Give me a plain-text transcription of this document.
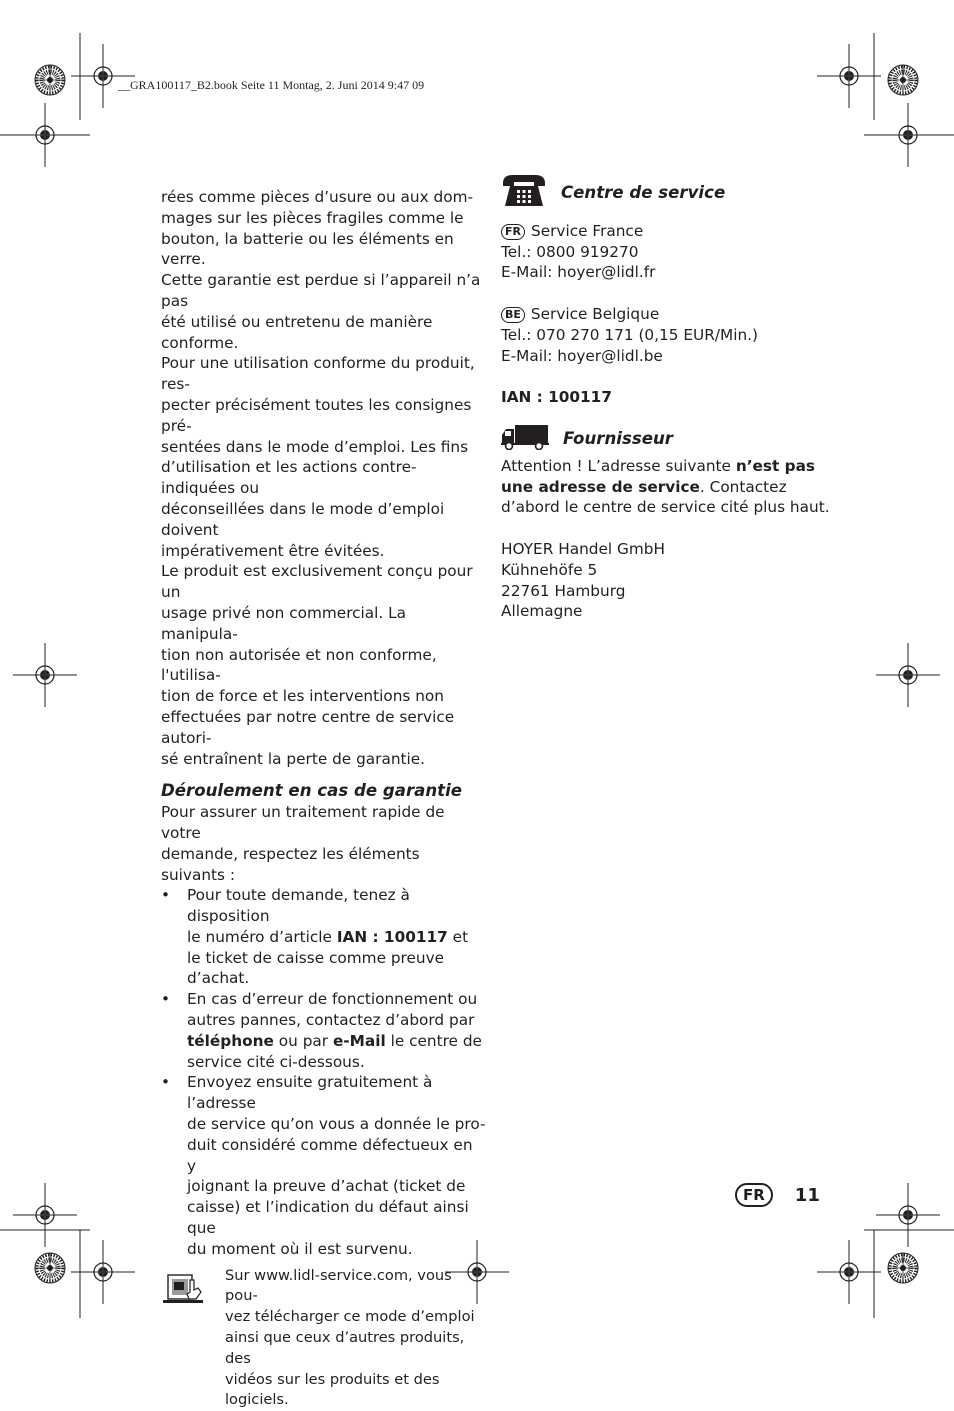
__GRA100117_B2.book Seite 11 Montag, 2. Juni 2014 9:47 09

rées comme pièces d’usure ou aux dom-

mages sur les pièces fragiles comme le

bouton, la batterie ou les éléments en verre.

Cette garantie est perdue si l’appareil n’a pas

été utilisé ou entretenu de manière conforme.

Pour une utilisation conforme du produit, res-

pecter précisément toutes les consignes pré-

sentées dans le mode d’emploi. Les fins

d’utilisation et les actions contre-indiquées ou

déconseillées dans le mode d’emploi doivent

impérativement être évitées.

Le produit est exclusivement conçu pour un

usage privé non commercial. La manipula-

tion non autorisée et non conforme, l'utilisa-

tion de force et les interventions non

effectuées par notre centre de service autori-

sé entraînent la perte de garantie.

Déroulement en cas de garantie

Pour assurer un traitement rapide de votre

demande, respectez les éléments suivants :

• Pour toute demande, tenez à disposition
le numéro d’article IAN : 100117 et
le ticket de caisse comme preuve
d’achat.
• En cas d’erreur de fonctionnement ou
autres pannes, contactez d’abord par
téléphone ou par e-Mail le centre de
service cité ci-dessous.
• Envoyez ensuite gratuitement à l’adresse
de service qu’on vous a donnée le pro-
duit considéré comme défectueux en y
joignant la preuve d’achat (ticket de
caisse) et l’indication du défaut ainsi que
du moment où il est survenu.

Sur www.lidl-service.com, vous pou-

vez télécharger ce mode d’emploi

ainsi que ceux d’autres produits, des

vidéos sur les produits et des logiciels.

Centre de service

FR Service France

Tel.: 0800 919270

E-Mail: hoyer@lidl.fr

BE Service Belgique

Tel.: 070 270 171 (0,15 EUR/Min.)

E-Mail: hoyer@lidl.be

IAN : 100117

Fournisseur

Attention ! L’adresse suivante n’est pas

une adresse de service. Contactez

d’abord le centre de service cité plus haut.

HOYER Handel GmbH

Kühnehöfe 5

22761 Hamburg

Allemagne

FR	11
